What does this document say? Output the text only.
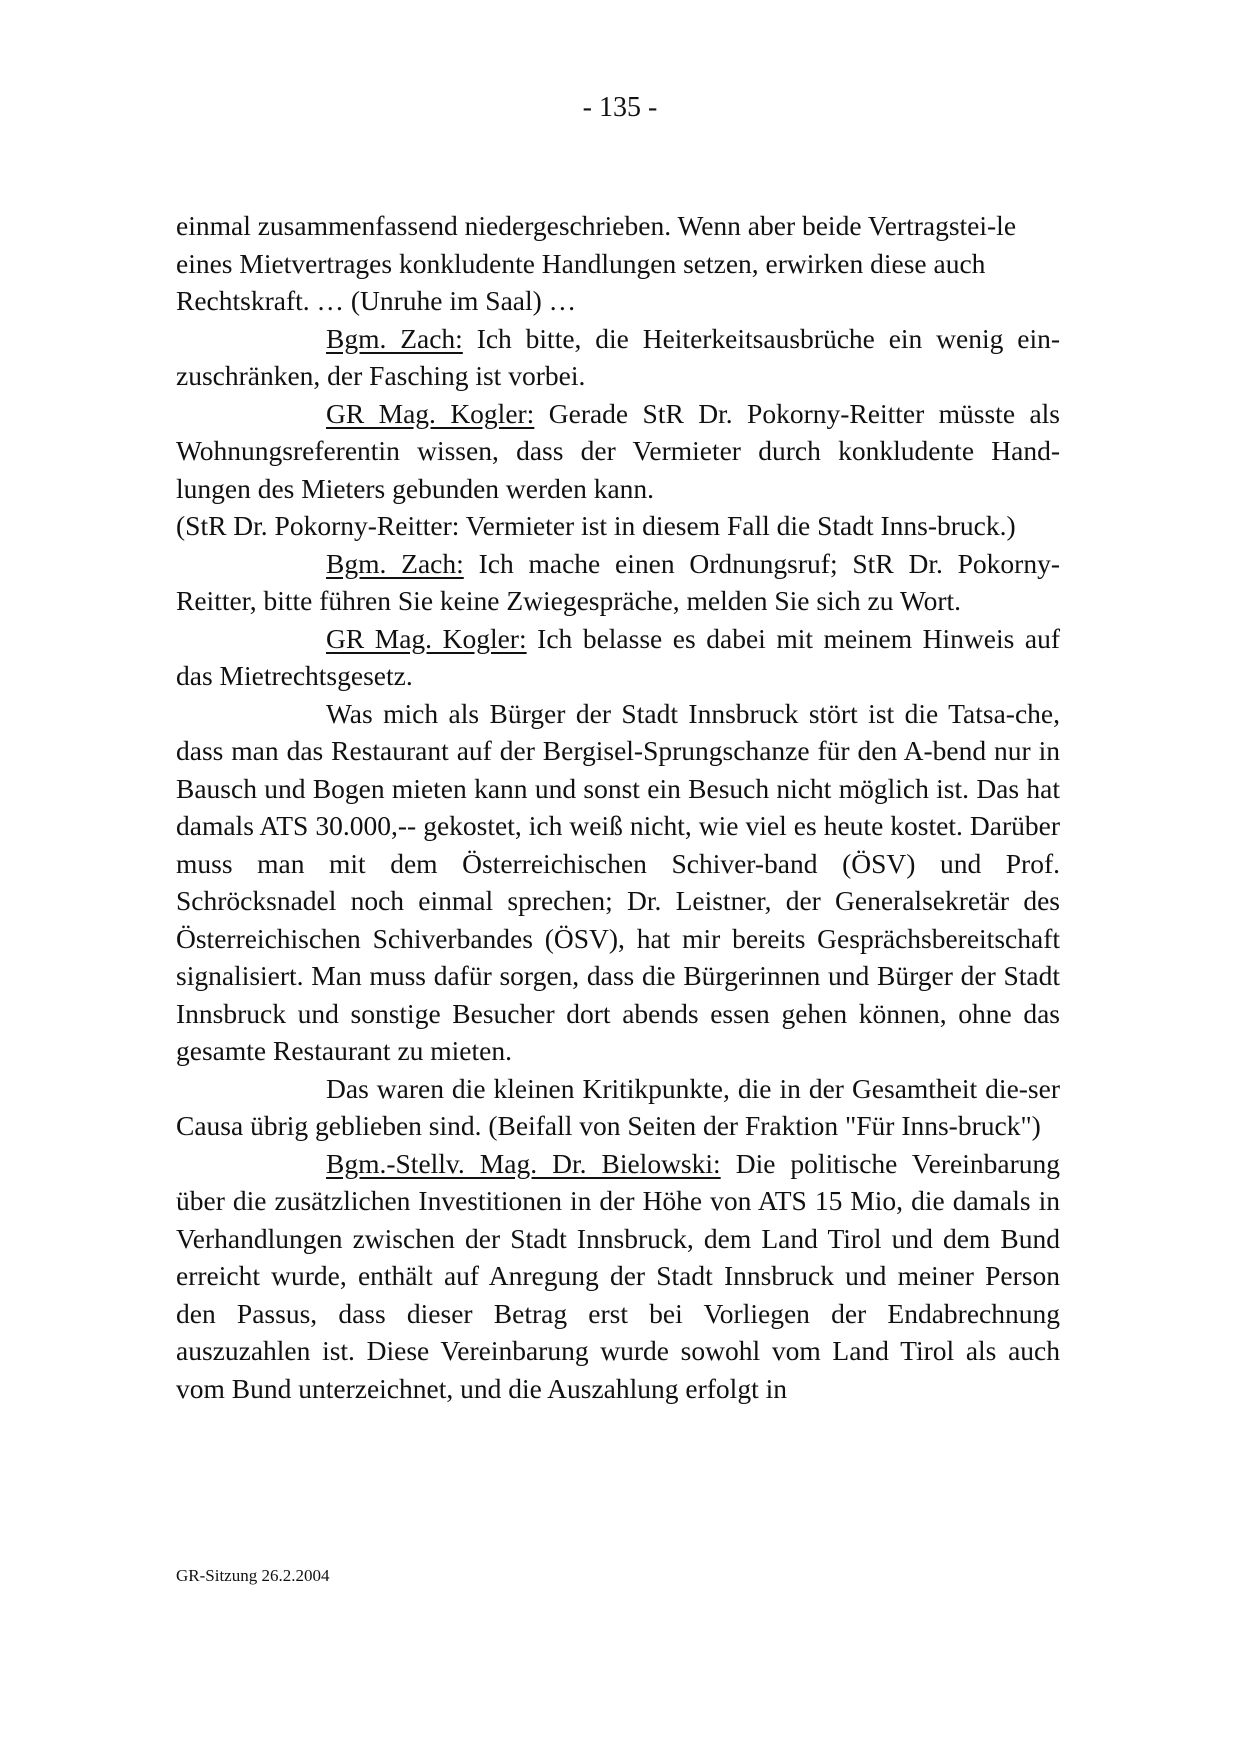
- 135 -

einmal zusammenfassend niedergeschrieben. Wenn aber beide Vertragstei-le eines Mietvertrages konkludente Handlungen setzen, erwirken diese auch Rechtskraft. … (Unruhe im Saal) …

Bgm. Zach: Ich bitte, die Heiterkeitsausbrüche ein wenig ein-zuschränken, der Fasching ist vorbei.

GR Mag. Kogler: Gerade StR Dr. Pokorny-Reitter müsste als Wohnungsreferentin wissen, dass der Vermieter durch konkludente Hand-lungen des Mieters gebunden werden kann.

(StR Dr. Pokorny-Reitter: Vermieter ist in diesem Fall die Stadt Inns-bruck.)

Bgm. Zach: Ich mache einen Ordnungsruf; StR Dr. Pokorny-Reitter, bitte führen Sie keine Zwiegespräche, melden Sie sich zu Wort.

GR Mag. Kogler: Ich belasse es dabei mit meinem Hinweis auf das Mietrechtsgesetz.

Was mich als Bürger der Stadt Innsbruck stört ist die Tatsa-che, dass man das Restaurant auf der Bergisel-Sprungschanze für den A-bend nur in Bausch und Bogen mieten kann und sonst ein Besuch nicht möglich ist. Das hat damals ATS 30.000,-- gekostet, ich weiß nicht, wie viel es heute kostet. Darüber muss man mit dem Österreichischen Schiver-band (ÖSV) und Prof. Schröcksnadel noch einmal sprechen; Dr. Leistner, der Generalsekretär des Österreichischen Schiverbandes (ÖSV), hat mir bereits Gesprächsbereitschaft signalisiert. Man muss dafür sorgen, dass die Bürgerinnen und Bürger der Stadt Innsbruck und sonstige Besucher dort abends essen gehen können, ohne das gesamte Restaurant zu mieten.

Das waren die kleinen Kritikpunkte, die in der Gesamtheit die-ser Causa übrig geblieben sind. (Beifall von Seiten der Fraktion "Für Inns-bruck")

Bgm.-Stellv. Mag. Dr. Bielowski: Die politische Vereinbarung über die zusätzlichen Investitionen in der Höhe von ATS 15 Mio, die damals in Verhandlungen zwischen der Stadt Innsbruck, dem Land Tirol und dem Bund erreicht wurde, enthält auf Anregung der Stadt Innsbruck und meiner Person den Passus, dass dieser Betrag erst bei Vorliegen der Endabrechnung auszuzahlen ist. Diese Vereinbarung wurde sowohl vom Land Tirol als auch vom Bund unterzeichnet, und die Auszahlung erfolgt in

GR-Sitzung 26.2.2004
